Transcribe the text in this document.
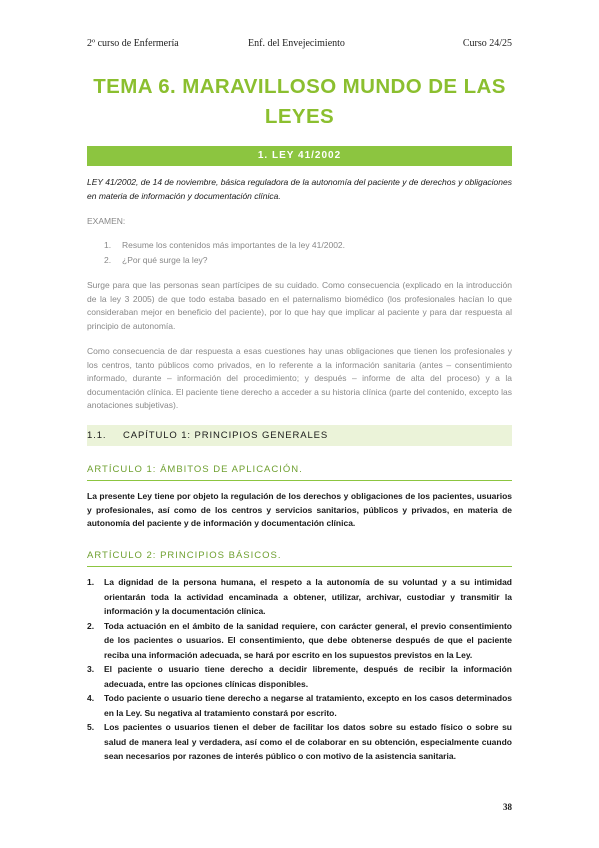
2º curso de Enfermería	Enf. del Envejecimiento	Curso 24/25
TEMA 6. MARAVILLOSO MUNDO DE LAS LEYES
1. LEY 41/2002
LEY 41/2002, de 14 de noviembre, básica reguladora de la autonomía del paciente y de derechos y obligaciones en materia de información y documentación clínica.
EXAMEN:
1. Resume los contenidos más importantes de la ley 41/2002.
2. ¿Por qué surge la ley?
Surge para que las personas sean partícipes de su cuidado. Como consecuencia (explicado en la introducción de la ley 3 2005) de que todo estaba basado en el paternalismo biomédico (los profesionales hacían lo que consideraban mejor en beneficio del paciente), por lo que hay que implicar al paciente y para dar respuesta al principio de autonomía.
Como consecuencia de dar respuesta a esas cuestiones hay unas obligaciones que tienen los profesionales y los centros, tanto públicos como privados, en lo referente a la información sanitaria (antes – consentimiento informado, durante – información del procedimiento; y después – informe de alta del proceso) y a la documentación clínica. El paciente tiene derecho a acceder a su historia clínica (parte del contenido, excepto las anotaciones subjetivas).
1.1. CAPÍTULO 1: PRINCIPIOS GENERALES
ARTÍCULO 1: ÁMBITOS DE APLICACIÓN.
La presente Ley tiene por objeto la regulación de los derechos y obligaciones de los pacientes, usuarios y profesionales, así como de los centros y servicios sanitarios, públicos y privados, en materia de autonomía del paciente y de información y documentación clínica.
ARTÍCULO 2: PRINCIPIOS BÁSICOS.
1. La dignidad de la persona humana, el respeto a la autonomía de su voluntad y a su intimidad orientarán toda la actividad encaminada a obtener, utilizar, archivar, custodiar y transmitir la información y la documentación clínica.
2. Toda actuación en el ámbito de la sanidad requiere, con carácter general, el previo consentimiento de los pacientes o usuarios. El consentimiento, que debe obtenerse después de que el paciente reciba una información adecuada, se hará por escrito en los supuestos previstos en la Ley.
3. El paciente o usuario tiene derecho a decidir libremente, después de recibir la información adecuada, entre las opciones clínicas disponibles.
4. Todo paciente o usuario tiene derecho a negarse al tratamiento, excepto en los casos determinados en la Ley. Su negativa al tratamiento constará por escrito.
5. Los pacientes o usuarios tienen el deber de facilitar los datos sobre su estado físico o sobre su salud de manera leal y verdadera, así como el de colaborar en su obtención, especialmente cuando sean necesarios por razones de interés público o con motivo de la asistencia sanitaria.
38
